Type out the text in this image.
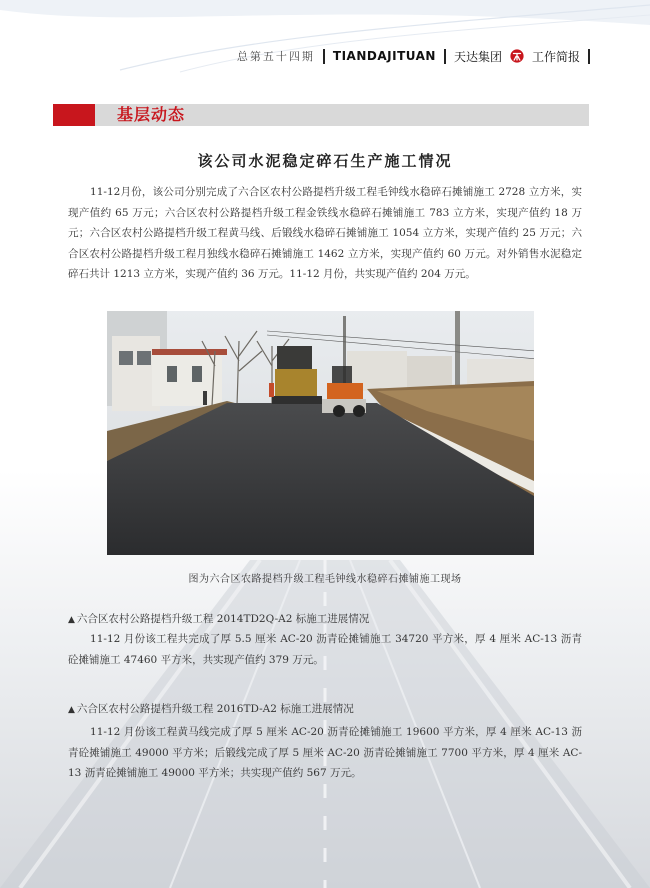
总第五十四期 TIANDAJITUAN 天达集团	工作简报
基层动态
该公司水泥稳定碎石生产施工情况
11-12月份，该公司分别完成了六合区农村公路提档升级工程毛钟线水稳碎石摊铺施工 2728 立方米，实现产值约 65 万元；六合区农村公路提档升级工程金铁线水稳碎石摊铺施工 783 立方米，实现产值约 18 万元；六合区农村公路提档升级工程黄马线、后锻线水稳碎石摊铺施工 1054 立方米，实现产值约 25 万元；六合区农村公路提档升级工程月独线水稳碎石摊铺施工 1462 立方米，实现产值约 60 万元。对外销售水泥稳定碎石共计 1213 立方米，实现产值约 36 万元。11-12 月份，共实现产值约 204 万元。
图为六合区农路提档升级工程毛钟线水稳碎石摊铺施工现场
▲ 六合区农村公路提档升级工程 2014TD2Q-A2 标施工进展情况
11-12 月份该工程共完成了厚 5.5 厘米 AC-20 沥青砼摊铺施工 34720 平方米，厚 4 厘米 AC-13 沥青砼摊铺施工 47460 平方米，共实现产值约 379 万元。
▲ 六合区农村公路提档升级工程 2016TD-A2 标施工进展情况
11-12 月份该工程黄马线完成了厚 5 厘米 AC-20 沥青砼摊铺施工 19600 平方米，厚 4 厘米 AC-13 沥青砼摊铺施工 49000 平方米；后锻线完成了厚 5 厘米 AC-20 沥青砼摊铺施工 7700 平方米，厚 4 厘米 AC-13 沥青砼摊铺施工 49000 平方米；共实现产值约 567 万元。
